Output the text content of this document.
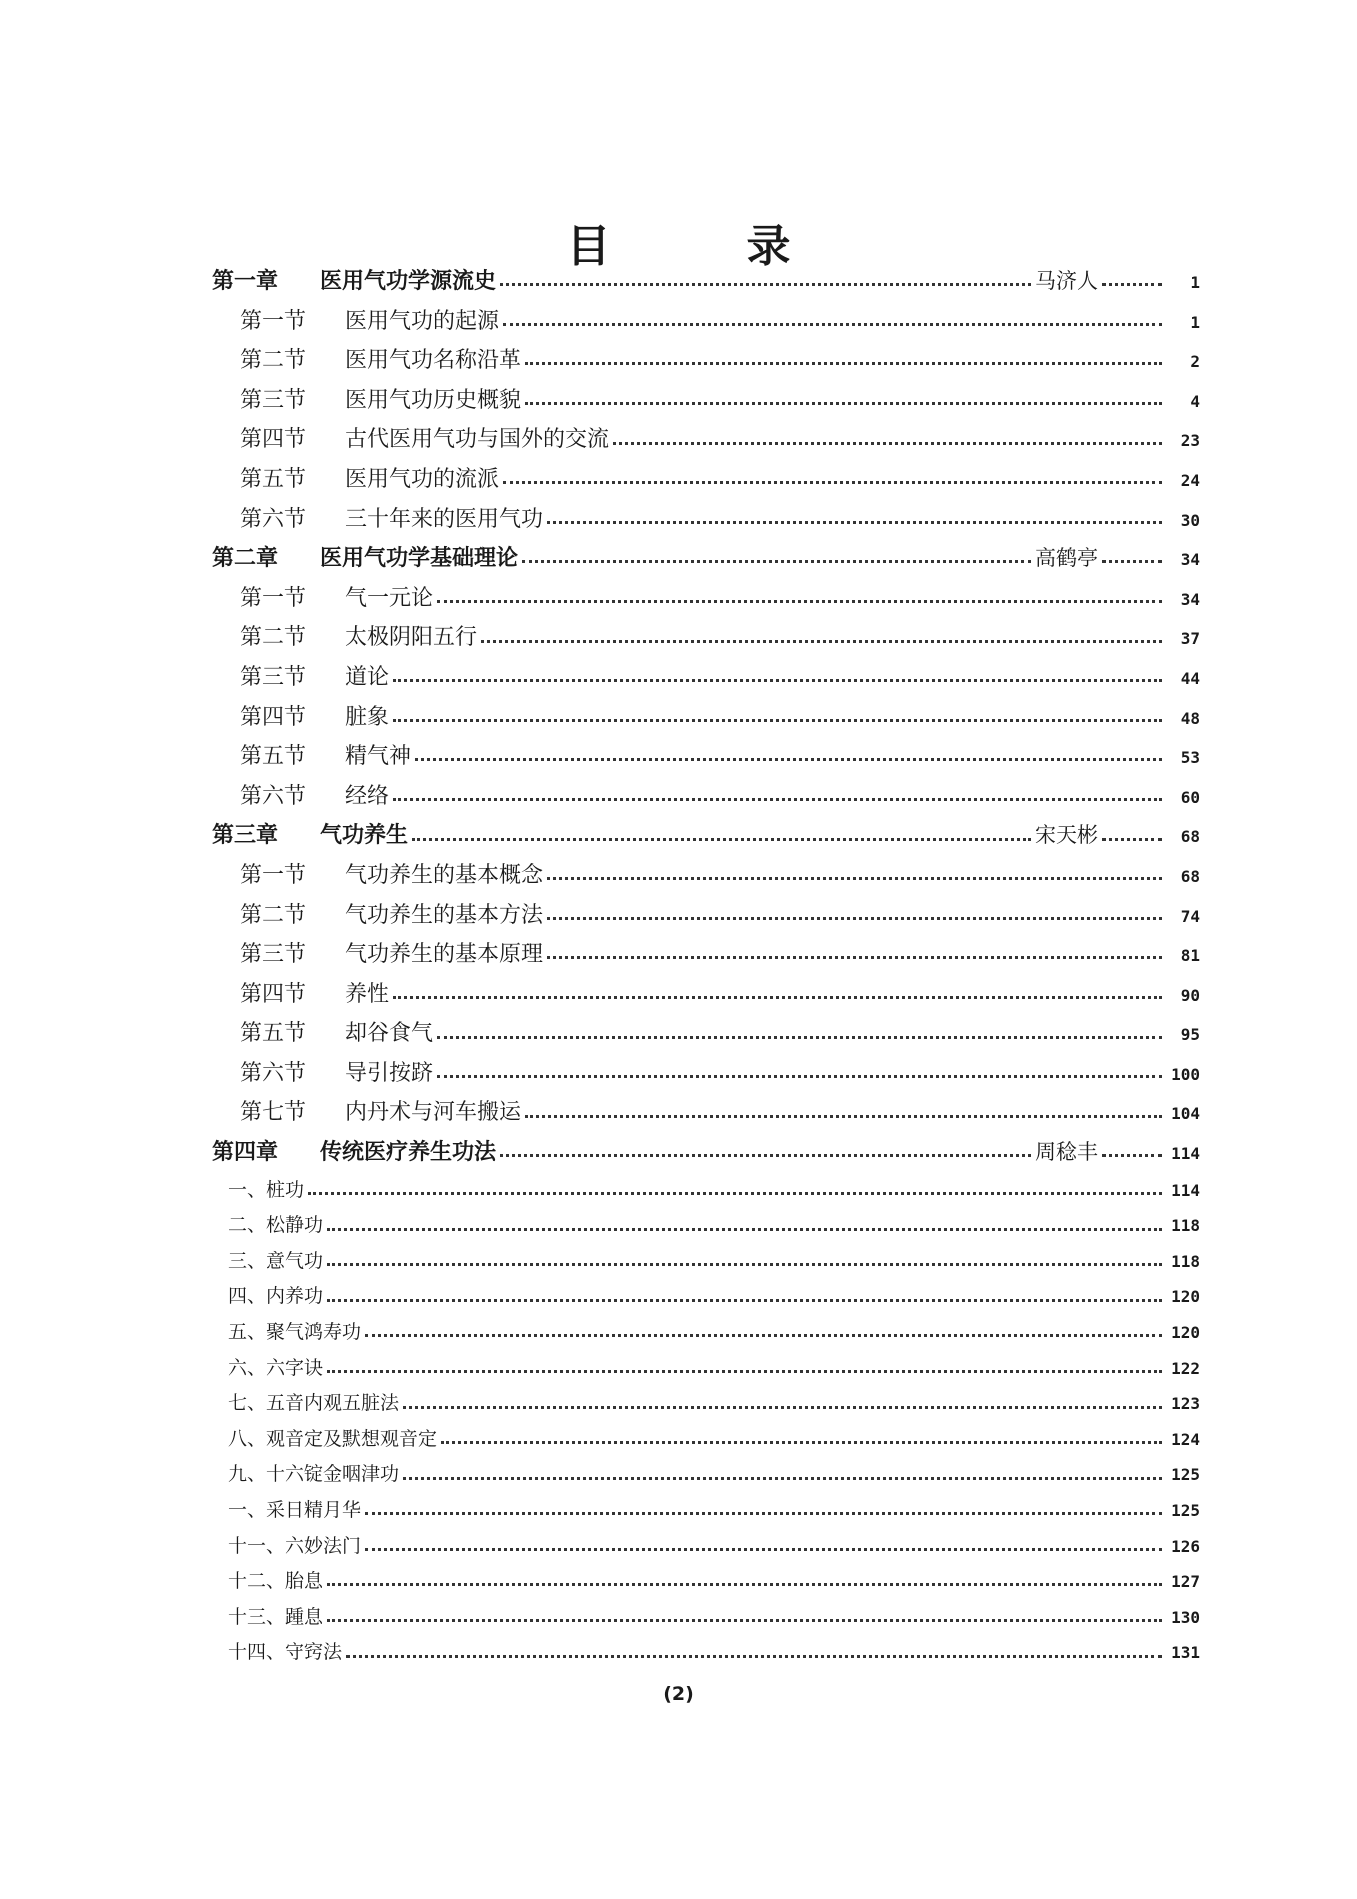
目　录
第一章	医用气功学源流史	马济人	1
第一节	医用气功的起源	1
第二节	医用气功名称沿革	2
第三节	医用气功历史概貌	4
第四节	古代医用气功与国外的交流	23
第五节	医用气功的流派	24
第六节	三十年来的医用气功	30
第二章	医用气功学基础理论	高鹤亭	34
第一节	气一元论	34
第二节	太极阴阳五行	37
第三节	道论	44
第四节	脏象	48
第五节	精气神	53
第六节	经络	60
第三章	气功养生	宋天彬	68
第一节	气功养生的基本概念	68
第二节	气功养生的基本方法	74
第三节	气功养生的基本原理	81
第四节	养性	90
第五节	却谷食气	95
第六节	导引按跻	100
第七节	内丹术与河车搬运	104
第四章	传统医疗养生功法	周稔丰	114
一、桩功	114
二、松静功	118
三、意气功	118
四、内养功	120
五、聚气鸿寿功	120
六、六字诀	122
七、五音内观五脏法	123
八、观音定及默想观音定	124
九、十六锭金咽津功	125
一、采日精月华	125
十一、六妙法门	126
十二、胎息	127
十三、踵息	130
十四、守窍法	131
(2)
